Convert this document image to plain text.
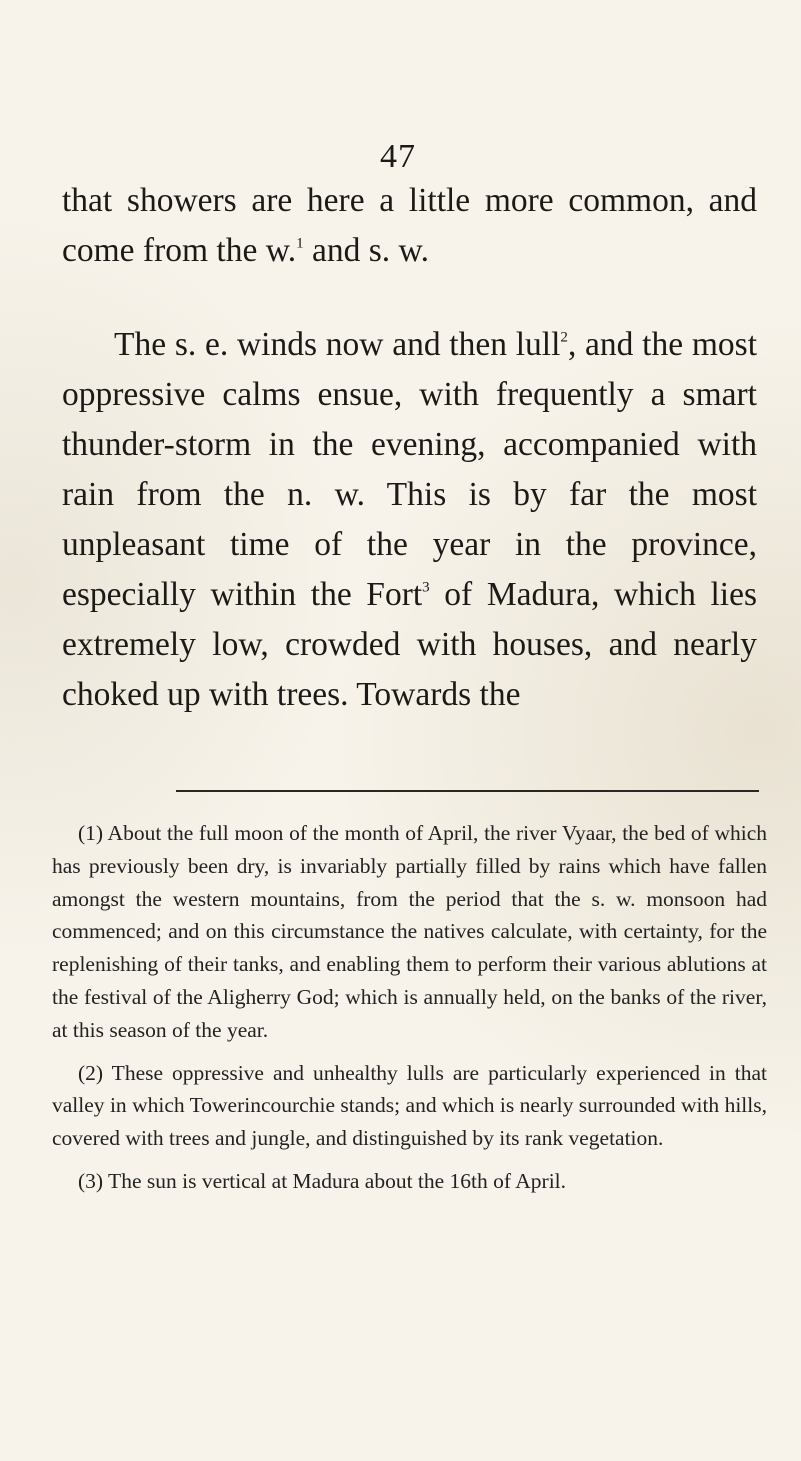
47

that showers are here a little more common, and come from the w.$^1$ and s. w.

The s. e. winds now and then lull$^2$, and the most oppressive calms ensue, with frequently a smart thunder-storm in the evening, accompanied with rain from the n. w. This is by far the most unpleasant time of the year in the province, especially within the Fort$^3$ of Madura, which lies extremely low, crowded with houses, and nearly choked up with trees. Towards the

(1) About the full moon of the month of April, the river Vyaar, the bed of which has previously been dry, is invariably partially filled by rains which have fallen amongst the western mountains, from the period that the s. w. monsoon had commenced; and on this circumstance the natives calculate, with certainty, for the replenishing of their tanks, and enabling them to perform their various ablutions at the festival of the Aligherry God; which is annually held, on the banks of the river, at this season of the year.

(2) These oppressive and unhealthy lulls are particularly experienced in that valley in which Towerincourchie stands; and which is nearly surrounded with hills, covered with trees and jungle, and distinguished by its rank vegetation.

(3) The sun is vertical at Madura about the 16th of April.
